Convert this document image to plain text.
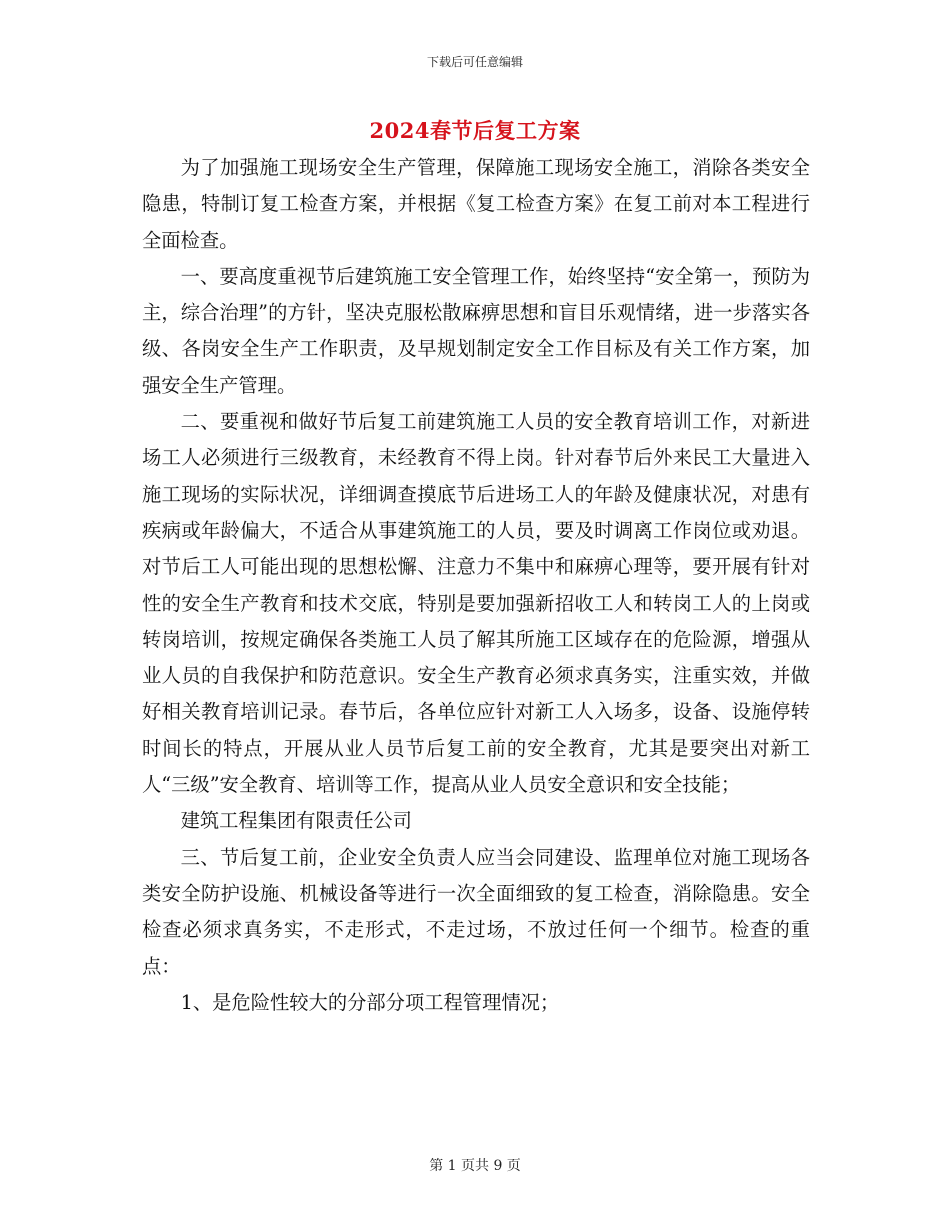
下载后可任意编辑
2024春节后复工方案

为了加强施工现场安全生产管理，保障施工现场安全施工，消除各类安全隐患，特制订复工检查方案，并根据《复工检查方案》在复工前对本工程进行全面检查。

一、要高度重视节后建筑施工安全管理工作，始终坚持“安全第一，预防为主，综合治理”的方针，坚决克服松散麻痹思想和盲目乐观情绪，进一步落实各级、各岗安全生产工作职责，及早规划制定安全工作目标及有关工作方案，加强安全生产管理。

二、要重视和做好节后复工前建筑施工人员的安全教育培训工作，对新进场工人必须进行三级教育，未经教育不得上岗。针对春节后外来民工大量进入施工现场的实际状况，详细调查摸底节后进场工人的年龄及健康状况，对患有疾病或年龄偏大，不适合从事建筑施工的人员，要及时调离工作岗位或劝退。对节后工人可能出现的思想松懈、注意力不集中和麻痹心理等，要开展有针对性的安全生产教育和技术交底，特别是要加强新招收工人和转岗工人的上岗或转岗培训，按规定确保各类施工人员了解其所施工区域存在的危险源，增强从业人员的自我保护和防范意识。安全生产教育必须求真务实，注重实效，并做好相关教育培训记录。春节后，各单位应针对新工人入场多，设备、设施停转时间长的特点，开展从业人员节后复工前的安全教育，尤其是要突出对新工人“三级”安全教育、培训等工作，提高从业人员安全意识和安全技能；

建筑工程集团有限责任公司

三、节后复工前，企业安全负责人应当会同建设、监理单位对施工现场各类安全防护设施、机械设备等进行一次全面细致的复工检查，消除隐患。安全检查必须求真务实，不走形式，不走过场，不放过任何一个细节。检查的重点：

1、是危险性较大的分部分项工程管理情况；

第 1 页共 9 页
